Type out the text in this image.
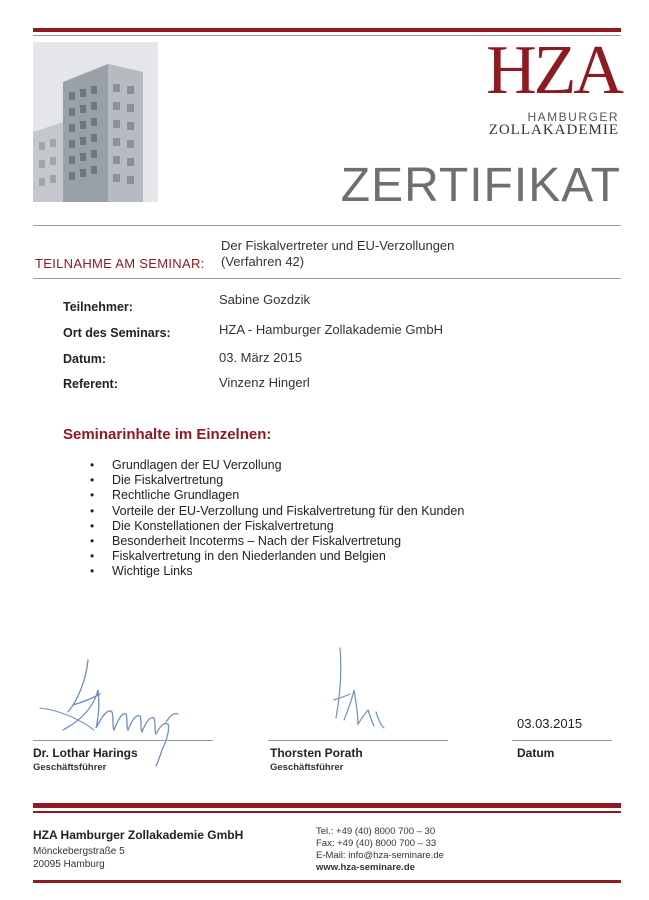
HZA
HAMBURGER
ZOLLAKADEMIE
ZERTIFIKAT
TEILNAHME AM SEMINAR:
Der Fiskalvertreter und EU-Verzollungen
(Verfahren 42)
Teilnehmer:	Sabine Gozdzik
Ort des Seminars:	HZA - Hamburger Zollakademie GmbH
Datum:	03. März 2015
Referent:	Vinzenz Hingerl
Seminarinhalte im Einzelnen:
• Grundlagen der EU Verzollung
• Die Fiskalvertretung
• Rechtliche Grundlagen
• Vorteile der EU-Verzollung und Fiskalvertretung für den Kunden
• Die Konstellationen der Fiskalvertretung
• Besonderheit Incoterms – Nach der Fiskalvertretung
• Fiskalvertretung in den Niederlanden und Belgien
• Wichtige Links
Dr. Lothar Harings
Geschäftsführer
Thorsten Porath
Geschäftsführer
03.03.2015
Datum
HZA Hamburger Zollakademie GmbH
Mönckebergstraße 5
20095 Hamburg
Tel.: +49 (40) 8000 700 – 30
Fax: +49 (40) 8000 700 – 33
E-Mail: info@hza-seminare.de
www.hza-seminare.de
